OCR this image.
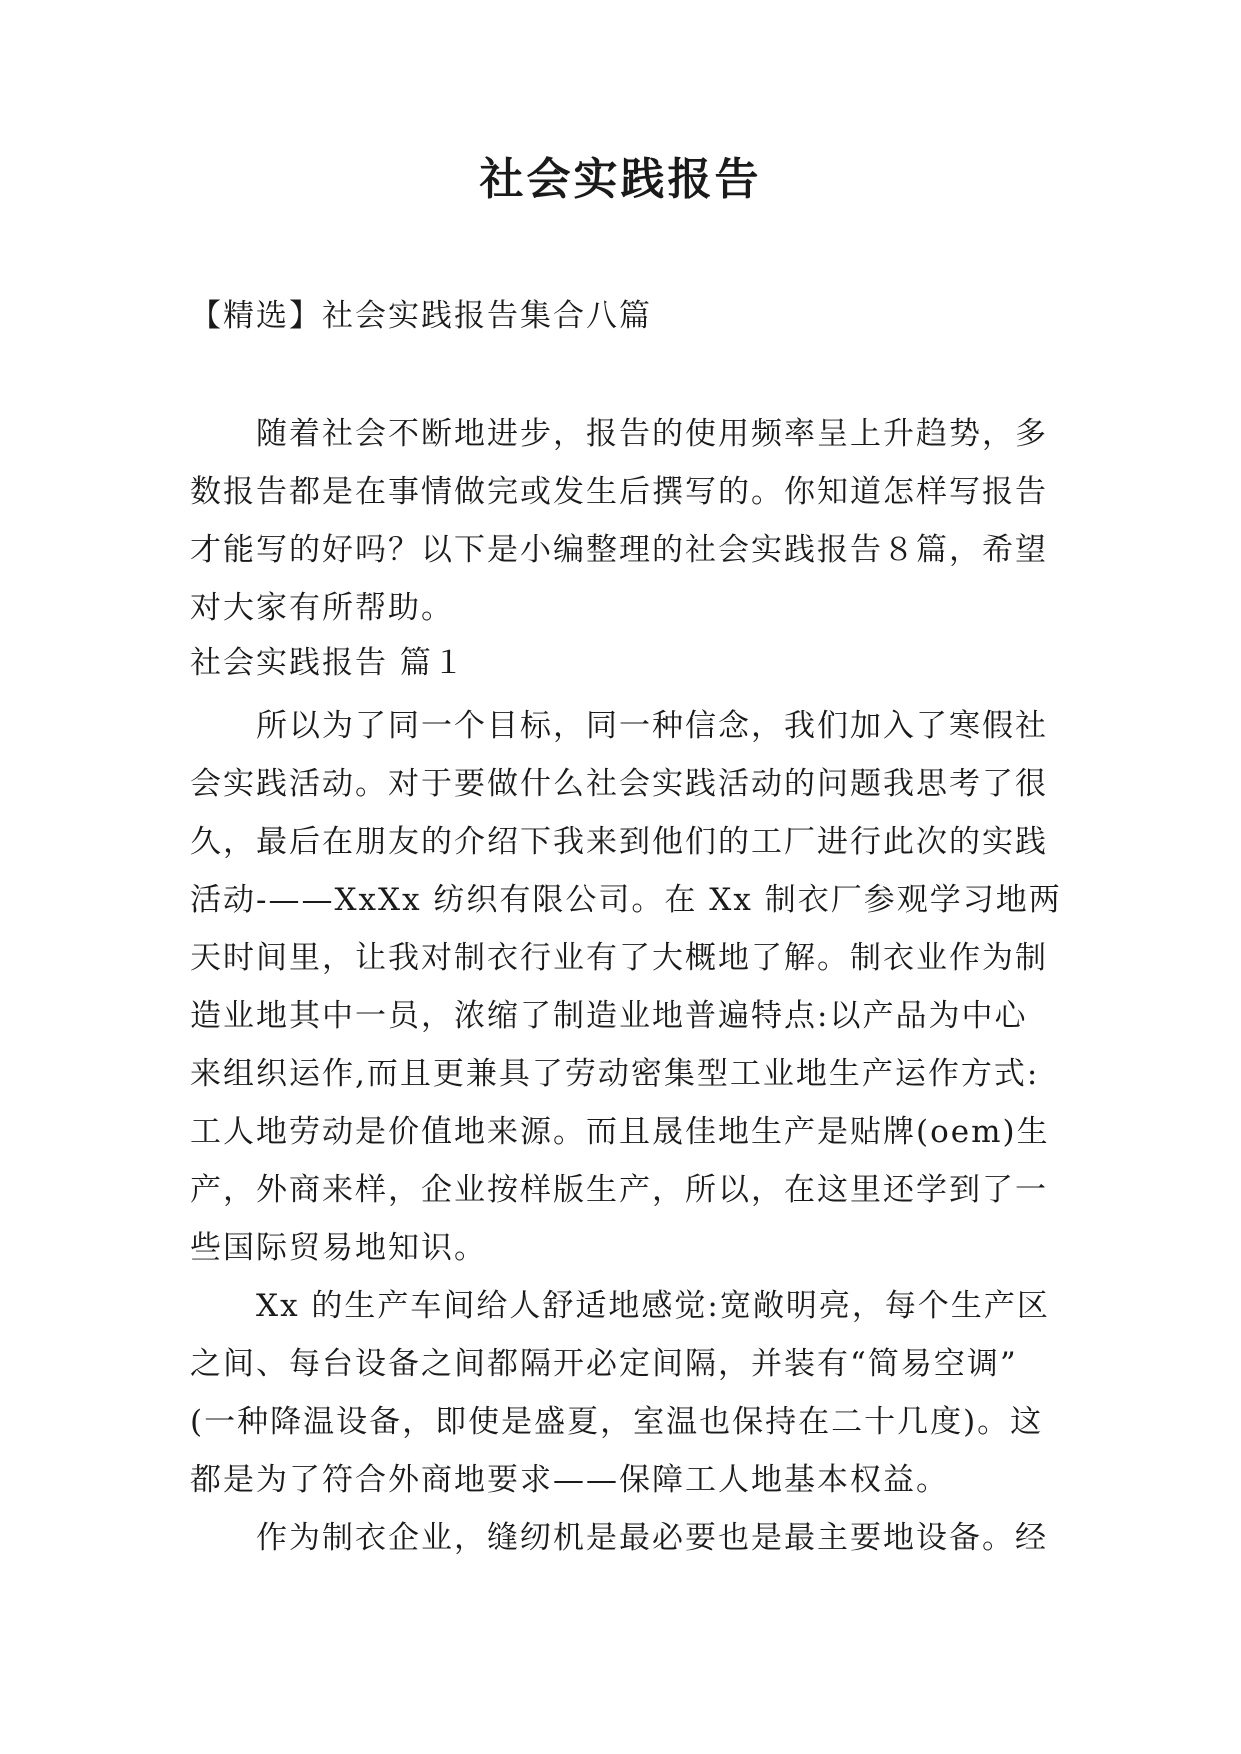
社会实践报告
【精选】社会实践报告集合八篇

随着社会不断地进步，报告的使用频率呈上升趋势，多

数报告都是在事情做完或发生后撰写的。你知道怎样写报告

才能写的好吗？以下是小编整理的社会实践报告８篇，希望

对大家有所帮助。

社会实践报告 篇１

所以为了同一个目标，同一种信念，我们加入了寒假社

会实践活动。对于要做什么社会实践活动的问题我思考了很

久，最后在朋友的介绍下我来到他们的工厂进行此次的实践

活动-——XxXx 纺织有限公司。在 Xx 制衣厂参观学习地两

天时间里，让我对制衣行业有了大概地了解。制衣业作为制

造业地其中一员，浓缩了制造业地普遍特点:以产品为中心

来组织运作,而且更兼具了劳动密集型工业地生产运作方式:

工人地劳动是价值地来源。而且晟佳地生产是贴牌(oem)生

产，外商来样，企业按样版生产，所以，在这里还学到了一

些国际贸易地知识。

Xx 的生产车间给人舒适地感觉:宽敞明亮，每个生产区

之间、每台设备之间都隔开必定间隔，并装有“简易空调”

(一种降温设备，即使是盛夏，室温也保持在二十几度)。这

都是为了符合外商地要求——保障工人地基本权益。

作为制衣企业，缝纫机是最必要也是最主要地设备。经
